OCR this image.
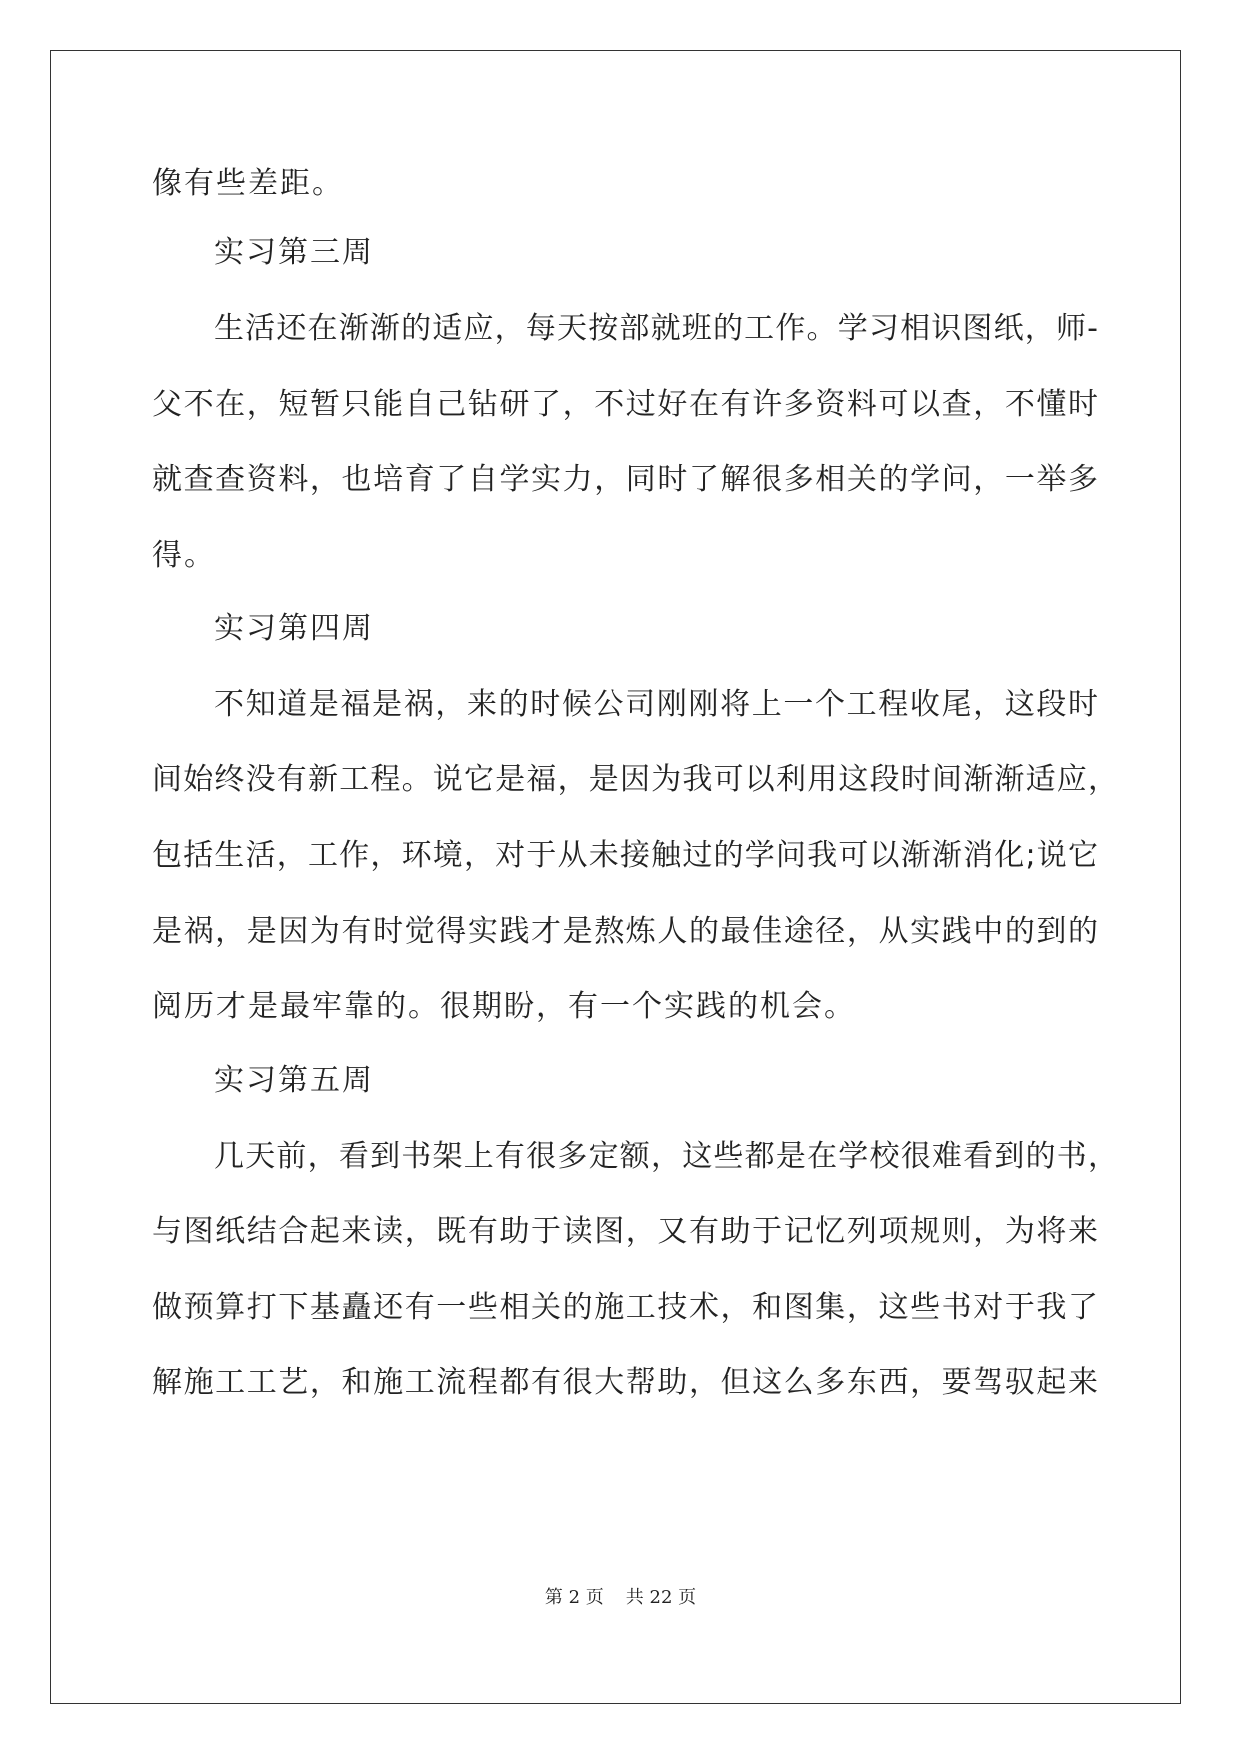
像有些差距。
实习第三周
生活还在渐渐的适应，每天按部就班的工作。学习相识图纸，师-
父不在，短暂只能自己钻研了，不过好在有许多资料可以查，不懂时
就查查资料，也培育了自学实力，同时了解很多相关的学问，一举多
得。
实习第四周
不知道是福是祸，来的时候公司刚刚将上一个工程收尾，这段时
间始终没有新工程。说它是福，是因为我可以利用这段时间渐渐适应，
包括生活，工作，环境，对于从未接触过的学问我可以渐渐消化;说它
是祸，是因为有时觉得实践才是熬炼人的最佳途径，从实践中的到的
阅历才是最牢靠的。很期盼，有一个实践的机会。
实习第五周
几天前，看到书架上有很多定额，这些都是在学校很难看到的书，
与图纸结合起来读，既有助于读图，又有助于记忆列项规则，为将来
做预算打下基矗还有一些相关的施工技术，和图集，这些书对于我了
解施工工艺，和施工流程都有很大帮助，但这么多东西，要驾驭起来
第 2 页 共 22 页
